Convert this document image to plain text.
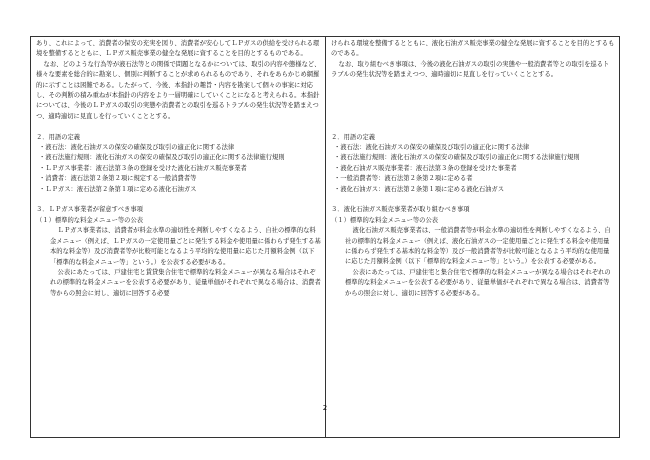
あり、これによって、消費者の保安の充実を図り、消費者が安心してＬＰガスの供給を受けられる環境を整備するとともに、ＬＰガス販売事業の健全な発展に資することを目的とするものである。

なお、どのような行為等が液石法等との関係で問題となるかについては、取引の内容や態様など、様々な要素を総合的に勘案し、個別に判断することが求められるものであり、それをあらかじめ網羅的に示すことは困難である。したがって、今後、本指針の趣旨・内容を勘案して個々の事案に対応し、その判断の積み重ねが本指針の内容をより一層明確にしていくことになると考えられる。本指針については、今後のＬＰガスの取引の実態や消費者との取引を巡るトラブルの発生状況等を踏まえつつ、適時適切に見直しを行っていくこととする。

２．用語の定義

・液石法：液化石油ガスの保安の確保及び取引の適正化に関する法律

・液石法施行規則：液化石油ガスの保安の確保及び取引の適正化に関する法律施行規則

・ＬＰガス事業者：液石法第３条の登録を受けた液化石油ガス販売事業者

・消費者：液石法第２条第２項に規定する一般消費者等

・ＬＰガス：液石法第２条第１項に定める液化石油ガス

３．ＬＰガス事業者が留意すべき事項

（１）標準的な料金メニュー等の公表

ＬＰガス事業者は、消費者が料金水準の適切性を判断しやすくなるよう、自社の標準的な料金メニュー（例えば、ＬＰガスの一定使用量ごとに発生する料金や使用量に係わらず発生する基本的な料金等）及び消費者等が比較可能となるよう平均的な使用量に応じた月額料金例（以下「標準的な料金メニュー等」という。）を公表する必要がある。

公表にあたっては、戸建住宅と賃貸集合住宅で標準的な料金メニューが異なる場合はそれぞれの標準的な料金メニューを公表する必要があり、従量単価がそれぞれで異なる場合は、消費者等からの照会に対し、適切に回答する必要

けられる環境を整備するとともに、液化石油ガス販売事業の健全な発展に資することを目的とするものである。

なお、取り組むべき事項は、今後の液化石油ガスの取引の実態や一般消費者等との取引を巡るトラブルの発生状況等を踏まえつつ、適時適切に見直しを行っていくこととする。

２．用語の定義

・液石法：液化石油ガスの保安の確保及び取引の適正化に関する法律

・液石法施行規則：液化石油ガスの保安の確保及び取引の適正化に関する法律施行規則

・液化石油ガス販売事業者：液石法第３条の登録を受けた事業者

・一般消費者等：液石法第２条第２項に定める者

・液化石油ガス：液石法第２条第１項に定める液化石油ガス

３．液化石油ガス販売事業者が取り組むべき事項

（１）標準的な料金メニュー等の公表

液化石油ガス販売事業者は、一般消費者等が料金水準の適切性を判断しやすくなるよう、自社の標準的な料金メニュー（例えば、液化石油ガスの一定使用量ごとに発生する料金や使用量に係わらず発生する基本的な料金等）及び一般消費者等が比較可能となるよう平均的な使用量に応じた月額料金例（以下「標準的な料金メニュー等」という。）を公表する必要がある。

公表にあたっては、戸建住宅と集合住宅で標準的な料金メニューが異なる場合はそれぞれの標準的な料金メニューを公表する必要があり、従量単価がそれぞれで異なる場合は、消費者等からの照会に対し、適切に回答する必要がある。

2
